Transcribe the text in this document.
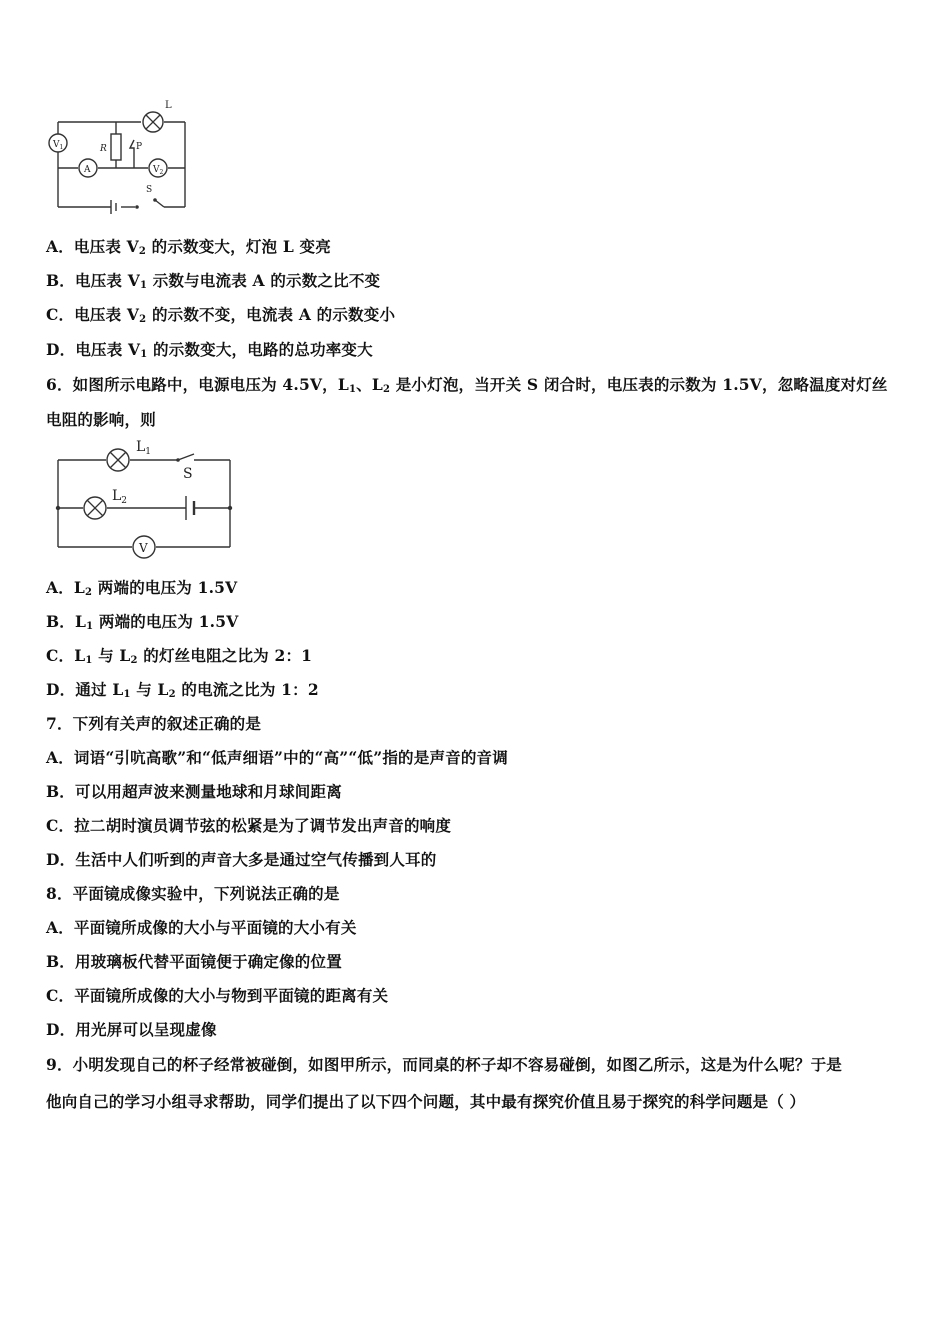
$V_1$
A	$V_2$
R	P
L
S
A．电压表 $V_2$ 的示数变大，灯泡 L 变亮
B．电压表 $V_1$ 示数与电流表 A 的示数之比不变
C．电压表 $V_2$ 的示数不变，电流表 A 的示数变小
D．电压表 $V_1$ 的示数变大，电路的总功率变大
6．如图所示电路中，电源电压为 4.5V，$L_1$、$L_2$ 是小灯泡，当开关 S 闭合时，电压表的示数为 1.5V，忽略温度对灯丝
电阻的影响，则
$L_1$
$L_2$
S
V
A．$L_2$ 两端的电压为 1.5V
B．$L_1$ 两端的电压为 1.5V
C．$L_1$ 与 $L_2$ 的灯丝电阻之比为 2：1
D．通过 $L_1$ 与 $L_2$ 的电流之比为 1：2
7．下列有关声的叙述正确的是
A．词语“引吭高歌”和“低声细语”中的“高”“低”指的是声音的音调
B．可以用超声波来测量地球和月球间距离
C．拉二胡时演员调节弦的松紧是为了调节发出声音的响度
D．生活中人们听到的声音大多是通过空气传播到人耳的
8．平面镜成像实验中，下列说法正确的是
A．平面镜所成像的大小与平面镜的大小有关
B．用玻璃板代替平面镜便于确定像的位置
C．平面镜所成像的大小与物到平面镜的距离有关
D．用光屏可以呈现虚像
9．小明发现自己的杯子经常被碰倒，如图甲所示，而同桌的杯子却不容易碰倒，如图乙所示，这是为什么呢？于是
他向自己的学习小组寻求帮助，同学们提出了以下四个问题，其中最有探究价值且易于探究的科学问题是（ ）
